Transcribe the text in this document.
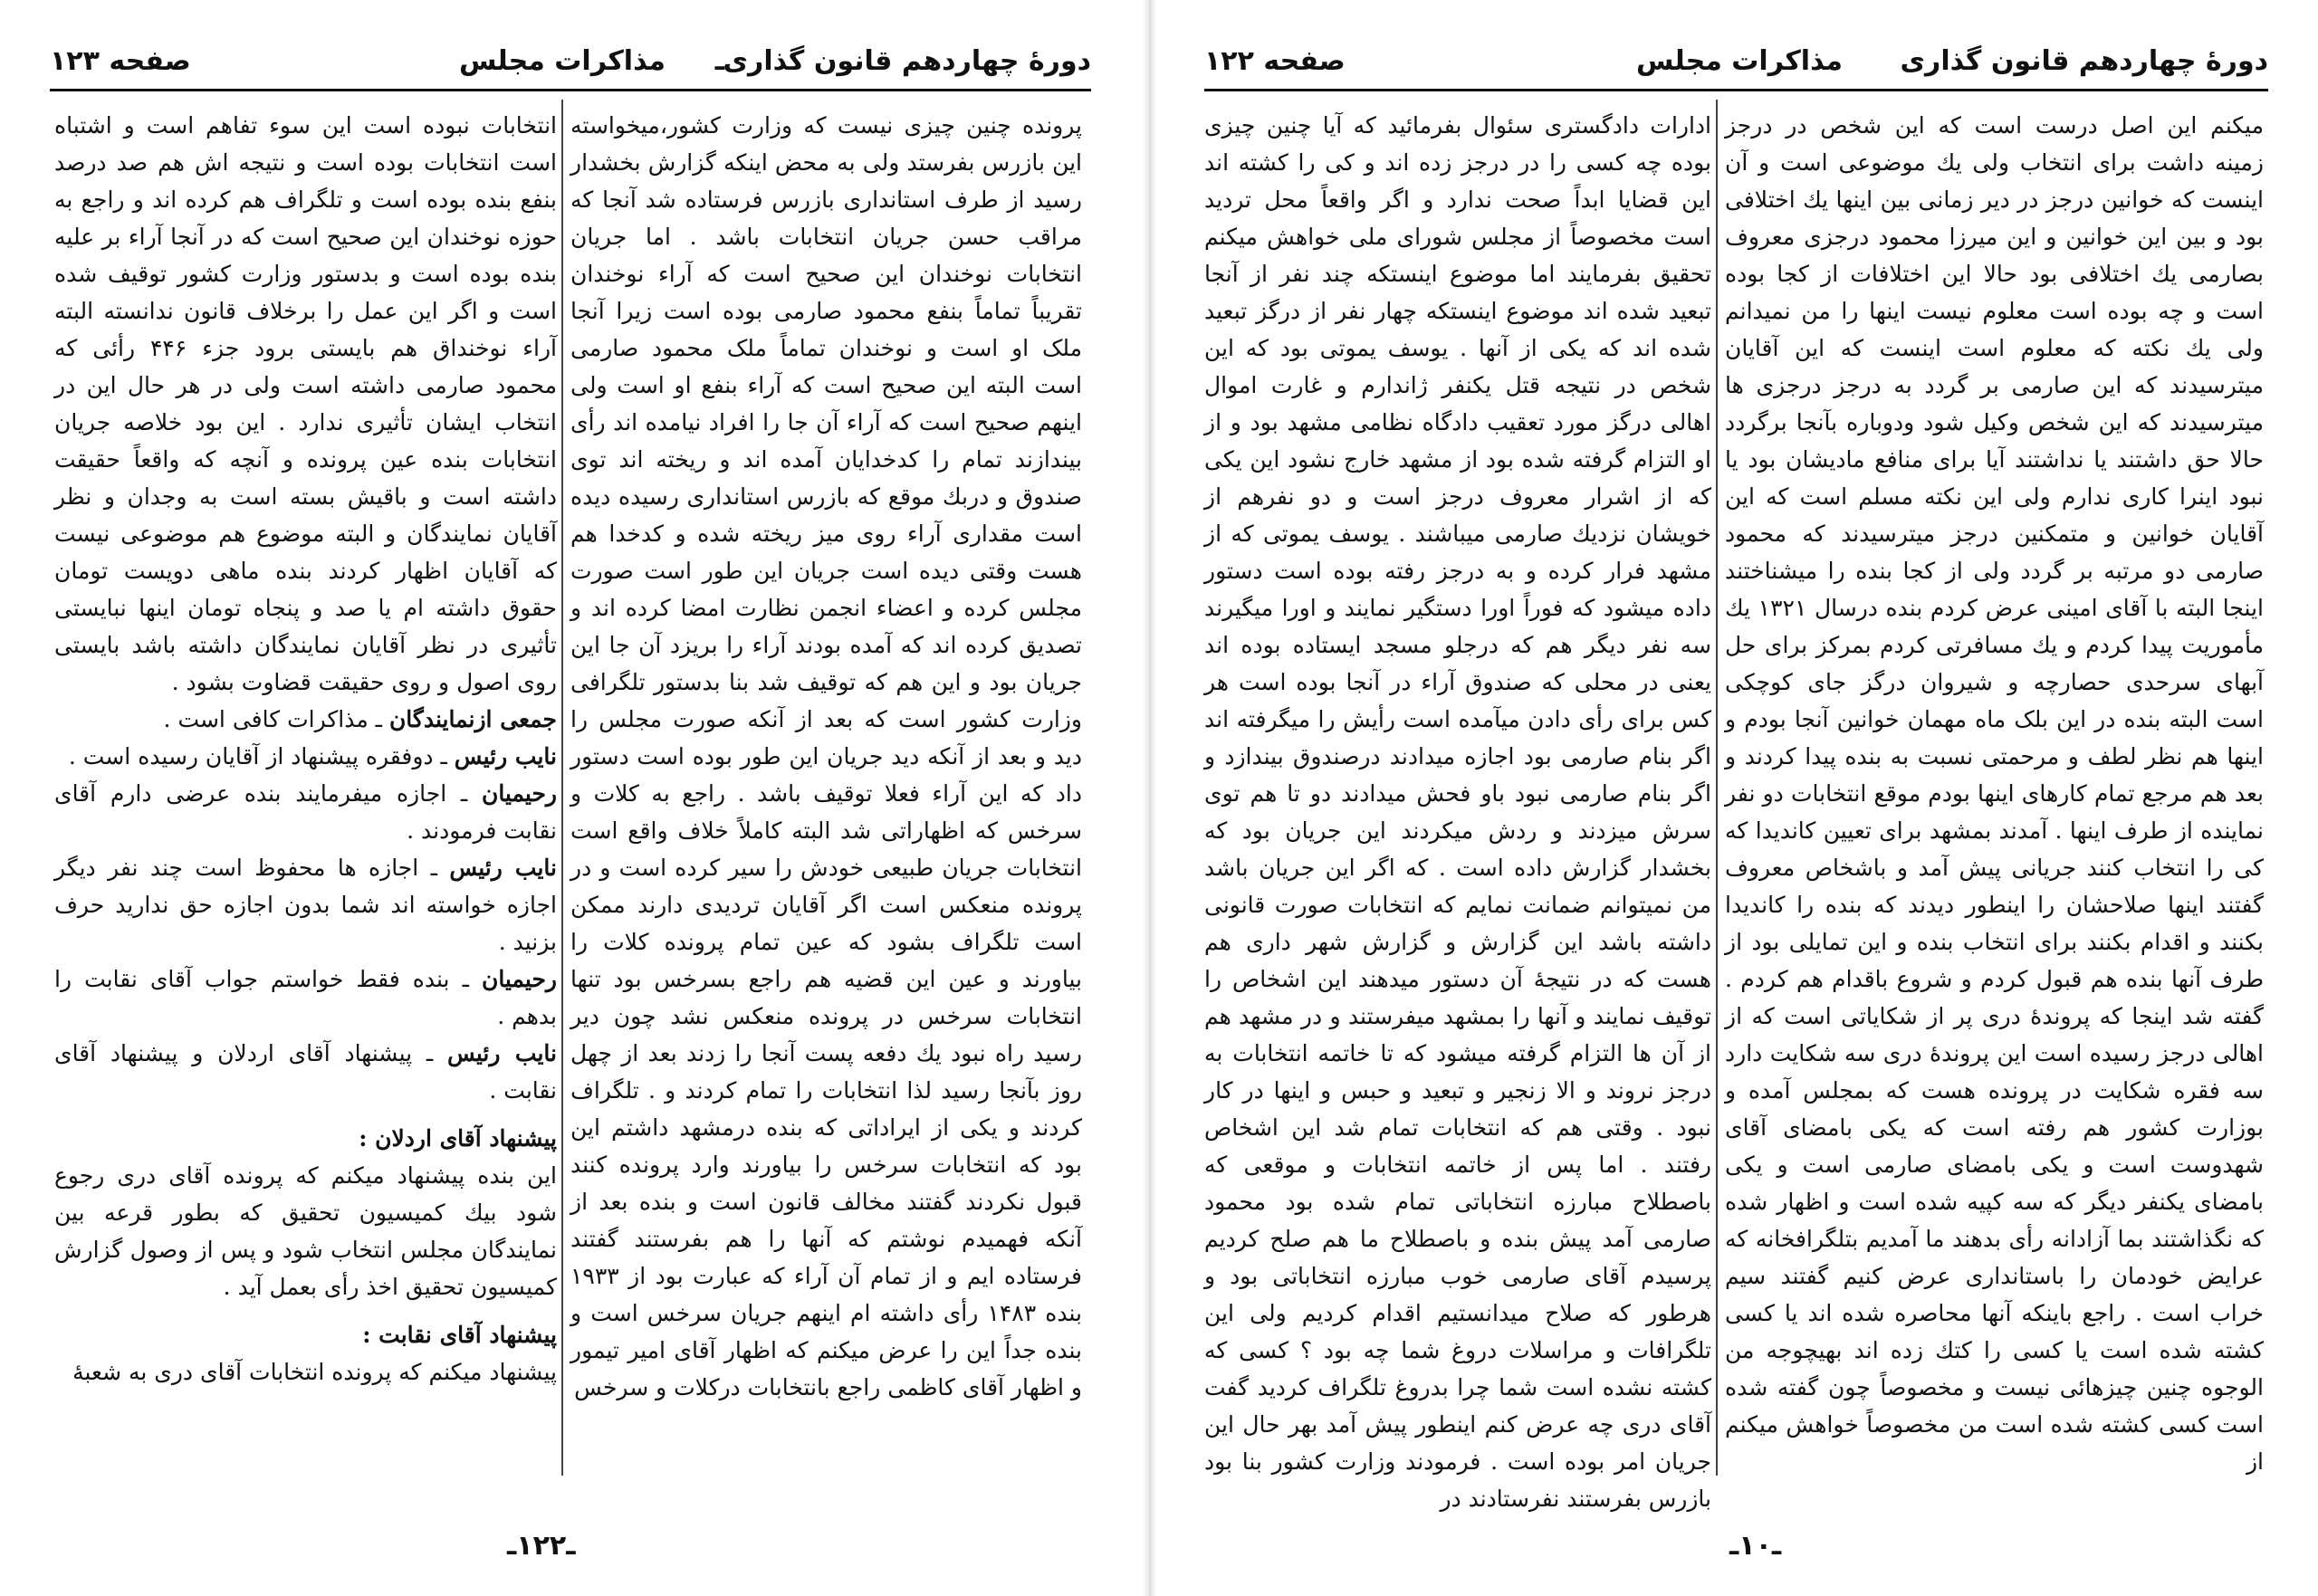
دورهٔ چهاردهم قانون گذاری
ـ
مذاکرات مجلس
صفحه ۱۲۳

پرونده چنین چیزی نیست که وزارت کشور،میخواسته این بازرس بفرستد ولی به محض اینکه گزارش بخشدار رسید از طرف استانداری بازرس فرستاده شد آنجا که مراقب حسن جریان انتخابات باشد . اما جریان انتخابات نوخندان این صحیح است که آراء نوخندان تقریباً تماماً بنفع محمود صارمی بوده است زیرا آنجا ملک او است و نوخندان تماماً ملک محمود صارمی است البته این صحیح است که آراء بنفع او است ولی اینهم صحیح است که آراء آن جا را افراد نیامده اند رأی بیندازند تمام را کدخدایان آمده اند و ریخته اند توی صندوق و دربك موقع که بازرس استانداری رسیده دیده است مقداری آراء روی میز ریخته شده و کدخدا هم هست وقتی دیده است جریان این طور است صورت مجلس کرده و اعضاء انجمن نظارت امضا کرده اند و تصدیق کرده اند که آمده بودند آراء را بریزد آن جا این جریان بود و این هم که توقیف شد بنا بدستور تلگرافی وزارت کشور است که بعد از آنکه صورت مجلس را دید و بعد از آنکه دید جریان این طور بوده است دستور داد که این آراء فعلا توقیف باشد . راجع به کلات و سرخس که اظهاراتی شد البته کاملاً خلاف واقع است انتخابات جریان طبیعی خودش را سیر کرده است و در پرونده منعکس است اگر آقایان تردیدی دارند ممکن است تلگراف بشود که عین تمام پرونده کلات را بیاورند و عین این قضیه هم راجع بسرخس بود تنها انتخابات سرخس در پرونده منعکس نشد چون دیر رسید راه نبود یك دفعه پست آنجا را زدند بعد از چهل روز بآنجا رسید لذا انتخابات را تمام کردند و . تلگراف کردند و یکی از ایراداتی که بنده درمشهد داشتم این بود که انتخابات سرخس را بیاورند وارد پرونده کنند قبول نکردند گفتند مخالف قانون است و بنده بعد از آنکه فهمیدم نوشتم که آنها را هم بفرستند گفتند فرستاده ایم و از تمام آن آراء که عبارت بود از ۱۹۳۳ بنده ۱۴۸۳ رأی داشته ام اینهم جریان سرخس است و بنده جداً این را عرض میکنم که اظهار آقای امیر تیمور و اظهار آقای کاظمی راجع بانتخابات درکلات و سرخس

انتخابات نبوده است این سوء تفاهم است و اشتباه است انتخابات بوده است و نتیجه اش هم صد درصد بنفع بنده بوده است و تلگراف هم کرده اند و راجع به حوزه نوخندان این صحیح است که در آنجا آراء بر علیه بنده بوده است و بدستور وزارت کشور توقیف شده است و اگر این عمل را برخلاف قانون ندانسته البته آراء نوخنداق هم بایستی برود جزء ۴۴۶ رأئی که محمود صارمی داشته است ولی در هر حال این در انتخاب ایشان تأثیری ندارد . این بود خلاصه جریان انتخابات بنده عین پرونده و آنچه که واقعاً حقیقت داشته است و باقیش بسته است به وجدان و نظر آقایان نمایندگان و البته موضوع هم موضوعی نیست که آقایان اظهار کردند بنده ماهی دویست تومان حقوق داشته ام یا صد و پنجاه تومان اینها نبایستی تأثیری در نظر آقایان نمایندگان داشته باشد بایستی روی اصول و روی حقیقت قضاوت بشود .

جمعی ازنمایندگان ـ مذاکرات کافی است .

نایب رئیس ـ دوفقره پیشنهاد از آقایان رسیده است .

رحیمیان ـ اجازه میفرمایند بنده عرضی دارم آقای نقابت فرمودند .

نایب رئیس ـ اجازه ها محفوظ است چند نفر دیگر اجازه خواسته اند شما بدون اجازه حق ندارید حرف بزنید .

رحیمیان ـ بنده فقط خواستم جواب آقای نقابت را بدهم .

نایب رئیس ـ پیشنهاد آقای اردلان و پیشنهاد آقای نقابت .

پیشنهاد آقای اردلان :

این بنده پیشنهاد میکنم که پرونده آقای دری رجوع شود بیك کمیسیون تحقیق که بطور قرعه بین نمایندگان مجلس انتخاب شود و پس از وصول گزارش کمیسیون تحقیق اخذ رأی بعمل آید .

پیشنهاد آقای نقابت :

پیشنهاد میکنم که پرونده انتخابات آقای دری به شعبهٔ

ـ۱۲۲ـ
دورهٔ چهاردهم قانون گذاری
مذاکرات مجلس
صفحه ۱۲۲

میکنم این اصل درست است که این شخص در درجز زمینه داشت برای انتخاب ولی یك موضوعی است و آن اینست که خوانین درجز در دیر زمانی بین اینها یك اختلافی بود و بین این خوانین و این میرزا محمود درجزی معروف بصارمی یك اختلافی بود حالا این اختلافات از کجا بوده است و چه بوده است معلوم نیست اینها را من نمیدانم ولی یك نکته که معلوم است اینست که این آقایان میترسیدند که این صارمی بر گردد به درجز درجزی ها میترسیدند که این شخص وکیل شود ودوباره بآنجا برگردد حالا حق داشتند یا نداشتند آیا برای منافع مادیشان بود یا نبود اینرا کاری ندارم ولی این نکته مسلم است که این آقایان خوانین و متمکنین درجز میترسیدند که محمود صارمی دو مرتبه بر گردد ولی از کجا بنده را میشناختند اینجا البته با آقای امینی عرض کردم بنده درسال ۱۳۲۱ یك مأموریت پیدا کردم و یك مسافرتی کردم بمرکز برای حل آبهای سرحدی حصارچه و شیروان درگز جای کوچکی است البته بنده در این بلک ماه مهمان خوانین آنجا بودم و اینها هم نظر لطف و مرحمتی نسبت به بنده پیدا کردند و بعد هم مرجع تمام کارهای اینها بودم موقع انتخابات دو نفر نماینده از طرف اینها . آمدند بمشهد برای تعیین کاندیدا که کی را انتخاب کنند جریانی پیش آمد و باشخاص معروف گفتند اینها صلاحشان را اینطور دیدند که بنده را کاندیدا بکنند و اقدام بکنند برای انتخاب بنده و این تمایلی بود از طرف آنها بنده هم قبول کردم و شروع باقدام هم کردم . گفته شد اینجا که پروندهٔ دری پر از شکایاتی است که از اهالی درجز رسیده است این پروندهٔ دری سه شکایت دارد سه فقره شکایت در پرونده هست که بمجلس آمده و بوزارت کشور هم رفته است که یکی بامضای آقای شهدوست است و یکی بامضای صارمی است و یکی بامضای یکنفر دیگر که سه کپیه شده است و اظهار شده که نگذاشتند بما آزادانه رأی بدهند ما آمدیم بتلگرافخانه که عرایض خودمان را باستانداری عرض کنیم گفتند سیم خراب است . راجع باینکه آنها محاصره شده اند یا کسی کشته شده است یا کسی را کتك زده اند بهیچوجه من الوجوه چنین چیزهائی نیست و مخصوصاً چون گفته شده است کسی کشته شده است من مخصوصاً خواهش میکنم از

ادارات دادگستری سئوال بفرمائید که آیا چنین چیزی بوده چه کسی را در درجز زده اند و کی را کشته اند این قضایا ابداً صحت ندارد و اگر واقعاً محل تردید است مخصوصاً از مجلس شورای ملی خواهش میکنم تحقیق بفرمایند اما موضوع اینستکه چند نفر از آنجا تبعید شده اند موضوع اینستکه چهار نفر از درگز تبعید شده اند که یکی از آنها . یوسف یموتی بود که این شخص در نتیجه قتل یکنفر ژاندارم و غارت اموال اهالی درگز مورد تعقیب دادگاه نظامی مشهد بود و از او التزام گرفته شده بود از مشهد خارج نشود این یکی که از اشرار معروف درجز است و دو نفرهم از خویشان نزدیك صارمی میباشند . یوسف یموتی که از مشهد فرار کرده و به درجز رفته بوده است دستور داده میشود که فوراً اورا دستگیر نمایند و اورا میگیرند سه نفر دیگر هم که درجلو مسجد ایستاده بوده اند یعنی در محلی که صندوق آراء در آنجا بوده است هر کس برای رأی دادن میآمده است رأیش را میگرفته اند اگر بنام صارمی بود اجازه میدادند درصندوق بیندازد و اگر بنام صارمی نبود باو فحش میدادند دو تا هم توی سرش میزدند و ردش میکردند این جریان بود که بخشدار گزارش داده است . که اگر این جریان باشد من نمیتوانم ضمانت نمایم که انتخابات صورت قانونی داشته باشد این گزارش و گزارش شهر داری هم هست که در نتیجهٔ آن دستور میدهند این اشخاص را توقیف نمایند و آنها را بمشهد میفرستند و در مشهد هم از آن ها التزام گرفته میشود که تا خاتمه انتخابات به درجز نروند و الا زنجیر و تبعید و حبس و اینها در کار نبود . وقتی هم که انتخابات تمام شد این اشخاص رفتند . اما پس از خاتمه انتخابات و موقعی که باصطلاح مبارزه انتخاباتی تمام شده بود محمود صارمی آمد پیش بنده و باصطلاح ما هم صلح کردیم پرسیدم آقای صارمی خوب مبارزه انتخاباتی بود و هرطور که صلاح میدانستیم اقدام کردیم ولی این تلگرافات و مراسلات دروغ شما چه بود ؟ کسی که کشته نشده است شما چرا بدروغ تلگراف کردید گفت آقای دری چه عرض کنم اینطور پیش آمد بهر حال این جریان امر بوده است . فرمودند وزارت کشور بنا بود بازرس بفرستند نفرستادند در

ـ۱۰ـ
